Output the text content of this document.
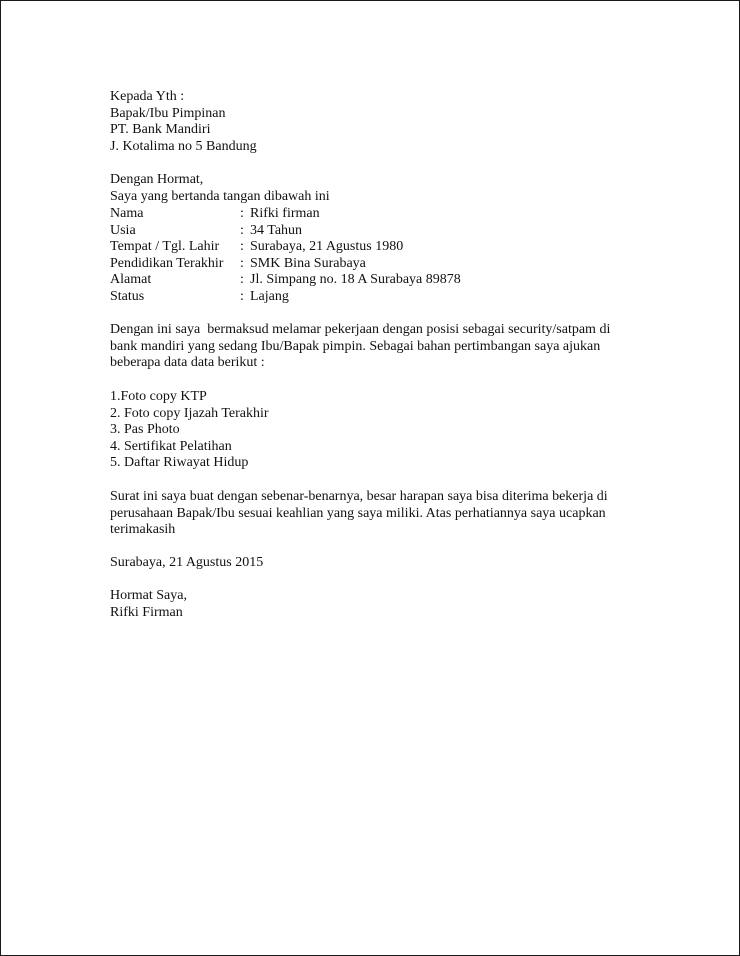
Kepada Yth :
Bapak/Ibu Pimpinan
PT. Bank Mandiri
J. Kotalima no 5 Bandung
Dengan Hormat,
Saya yang bertanda tangan dibawah ini
Nama	: Rifki firman
Usia	: 34 Tahun
Tempat / Tgl. Lahir : Surabaya, 21 Agustus 1980
Pendidikan Terakhir : SMK Bina Surabaya
Alamat	: Jl. Simpang no. 18 A Surabaya 89878
Status	: Lajang
Dengan ini saya  bermaksud melamar pekerjaan dengan posisi sebagai security/satpam di
bank mandiri yang sedang Ibu/Bapak pimpin. Sebagai bahan pertimbangan saya ajukan
beberapa data data berikut :
1.Foto copy KTP
2. Foto copy Ijazah Terakhir
3. Pas Photo
4. Sertifikat Pelatihan
5. Daftar Riwayat Hidup
Surat ini saya buat dengan sebenar-benarnya, besar harapan saya bisa diterima bekerja di
perusahaan Bapak/Ibu sesuai keahlian yang saya miliki. Atas perhatiannya saya ucapkan
terimakasih
Surabaya, 21 Agustus 2015
Hormat Saya,
Rifki Firman
